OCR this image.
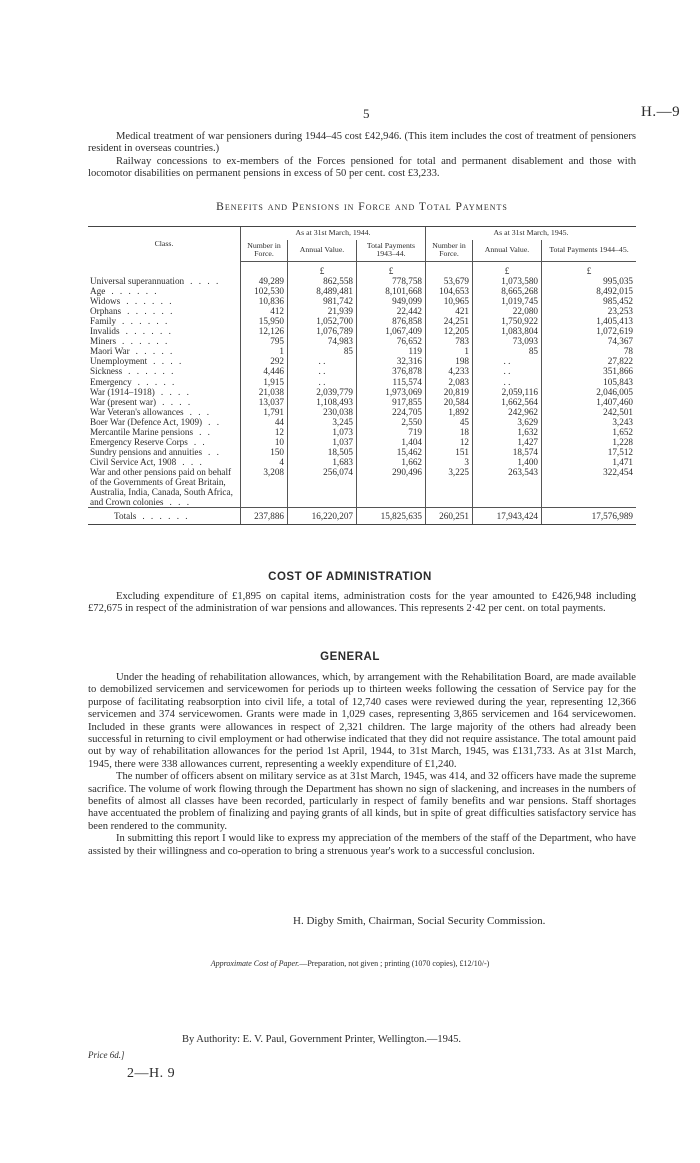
5	H.—9

Medical treatment of war pensioners during 1944–45 cost £42,946. (This item includes the cost of treatment of pensioners resident in overseas countries.)

Railway concessions to ex-members of the Forces pensioned for total and permanent disablement and those with locomotor disabilities on permanent pensions in excess of 50 per cent. cost £3,233.

Benefits and Pensions in Force and Total Payments
Class.	As at 31st March, 1944.			As at 31st March, 1945.		
	Number in Force.	Annual Value.	Total Payments 1943–44.	Number in Force.	Annual Value.	Total Payments 1944–45.
		£	£		£	£
Universal superannuation . . . .	49,289	862,558	778,758	53,679	1,073,580	995,035
Age . . . . . .	102,530	8,489,481	8,101,668	104,653	8,665,268	8,492,015
Widows . . . . . .	10,836	981,742	949,099	10,965	1,019,745	985,452
Orphans . . . . . .	412	21,939	22,442	421	22,080	23,253
Family . . . . . .	15,950	1,052,700	876,858	24,251	1,750,922	1,405,413
Invalids . . . . . .	12,126	1,076,789	1,067,409	12,205	1,083,804	1,072,619
Miners . . . . . .	795	74,983	76,652	783	73,093	74,367
Maori War . . . . .	1	85	119	1	85	78
Unemployment . . . .	292	. .	32,316	198	. .	27,822
Sickness . . . . . .	4,446	. .	376,878	4,233	. .	351,866
Emergency . . . . .	1,915	. .	115,574	2,083	. .	105,843
War (1914–1918) . . . .	21,038	2,039,779	1,973,069	20,819	2,059,116	2,046,005
War (present war) . . . .	13,037	1,108,493	917,855	20,584	1,662,564	1,407,460
War Veteran's allowances . . .	1,791	230,038	224,705	1,892	242,962	242,501
Boer War (Defence Act, 1909) . .	44	3,245	2,550	45	3,629	3,243
Mercantile Marine pensions . .	12	1,073	719	18	1,632	1,652
Emergency Reserve Corps . .	10	1,037	1,404	12	1,427	1,228
Sundry pensions and annuities . .	150	18,505	15,462	151	18,574	17,512
Civil Service Act, 1908 . . .	4	1,683	1,662	3	1,400	1,471
War and other pensions paid on behalf of the Governments of Great Britain, Australia, India, Canada, South Africa, and Crown colonies . . .	3,208	256,074	290,496	3,225	263,543	322,454
Totals . . . . . .	237,886	16,220,207	15,825,635	260,251	17,943,424	17,576,989
COST OF ADMINISTRATION

Excluding expenditure of £1,895 on capital items, administration costs for the year amounted to £426,948 including £72,675 in respect of the administration of war pensions and allowances. This represents 2·42 per cent. on total payments.

GENERAL

Under the heading of rehabilitation allowances, which, by arrangement with the Rehabilitation Board, are made available to demobilized servicemen and servicewomen for periods up to thirteen weeks following the cessation of Service pay for the purpose of facilitating reabsorption into civil life, a total of 12,740 cases were reviewed during the year, representing 12,366 servicemen and 374 servicewomen. Grants were made in 1,029 cases, representing 3,865 servicemen and 164 servicewomen. Included in these grants were allowances in respect of 2,321 children. The large majority of the others had already been successful in returning to civil employment or had otherwise indicated that they did not require assistance. The total amount paid out by way of rehabilitation allowances for the period 1st April, 1944, to 31st March, 1945, was £131,733. As at 31st March, 1945, there were 338 allowances current, representing a weekly expenditure of £1,240.

The number of officers absent on military service as at 31st March, 1945, was 414, and 32 officers have made the supreme sacrifice. The volume of work flowing through the Department has shown no sign of slackening, and increases in the numbers of benefits of almost all classes have been recorded, particularly in respect of family benefits and war pensions. Staff shortages have accentuated the problem of finalizing and paying grants of all kinds, but in spite of great difficulties satisfactory service has been rendered to the community.

In submitting this report I would like to express my appreciation of the members of the staff of the Department, who have assisted by their willingness and co-operation to bring a strenuous year's work to a successful conclusion.

H. Digby Smith, Chairman, Social Security Commission.
Approximate Cost of Paper.—Preparation, not given ; printing (1070 copies), £12/10/-)
By Authority: E. V. Paul, Government Printer, Wellington.—1945.
Price 6d.]
2—H. 9
